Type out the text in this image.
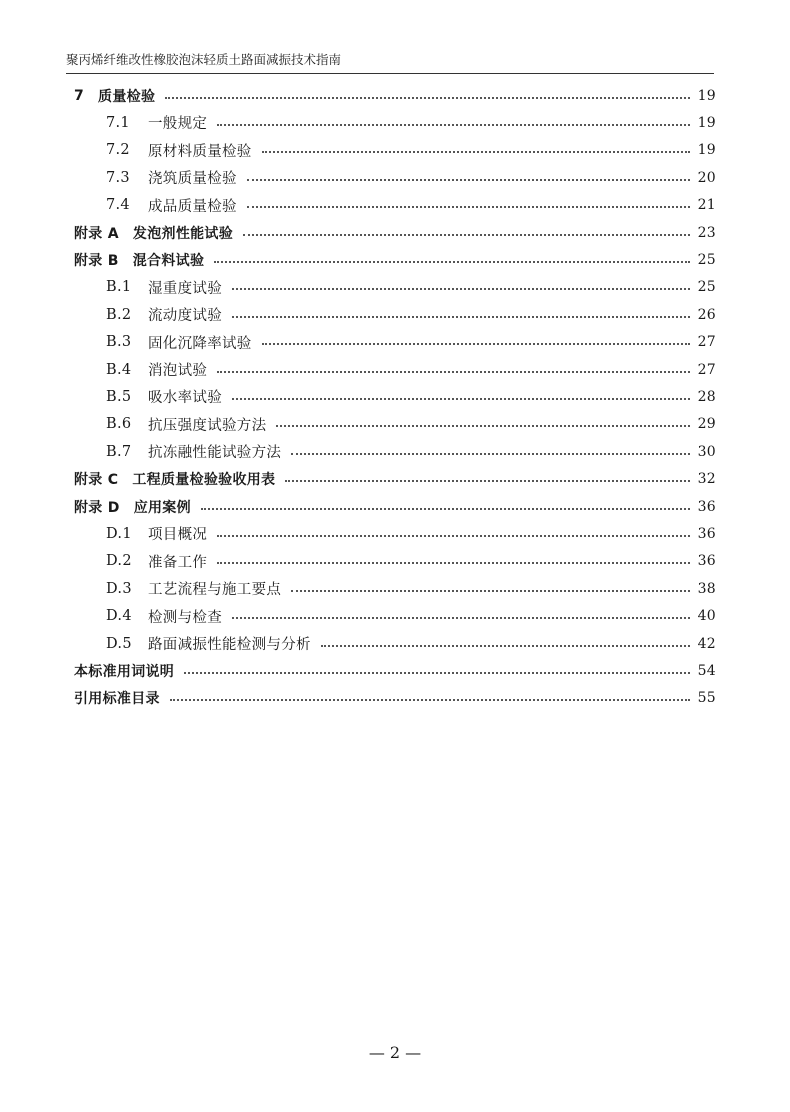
聚丙烯纤维改性橡胶泡沫轻质土路面减振技术指南
7 质量检验	19
7.1	一般规定	19
7.2	原材料质量检验	19
7.3	浇筑质量检验	20
7.4	成品质量检验	21
附录 A 发泡剂性能试验	23
附录 B 混合料试验	25
B.1	湿重度试验	25
B.2	流动度试验	26
B.3	固化沉降率试验	27
B.4	消泡试验	27
B.5	吸水率试验	28
B.6	抗压强度试验方法	29
B.7	抗冻融性能试验方法	30
附录 C 工程质量检验验收用表	32
附录 D 应用案例	36
D.1	项目概况	36
D.2	准备工作	36
D.3	工艺流程与施工要点	38
D.4	检测与检查	40
D.5	路面减振性能检测与分析	42
本标准用词说明	54
引用标准目录	55
— 2 —
